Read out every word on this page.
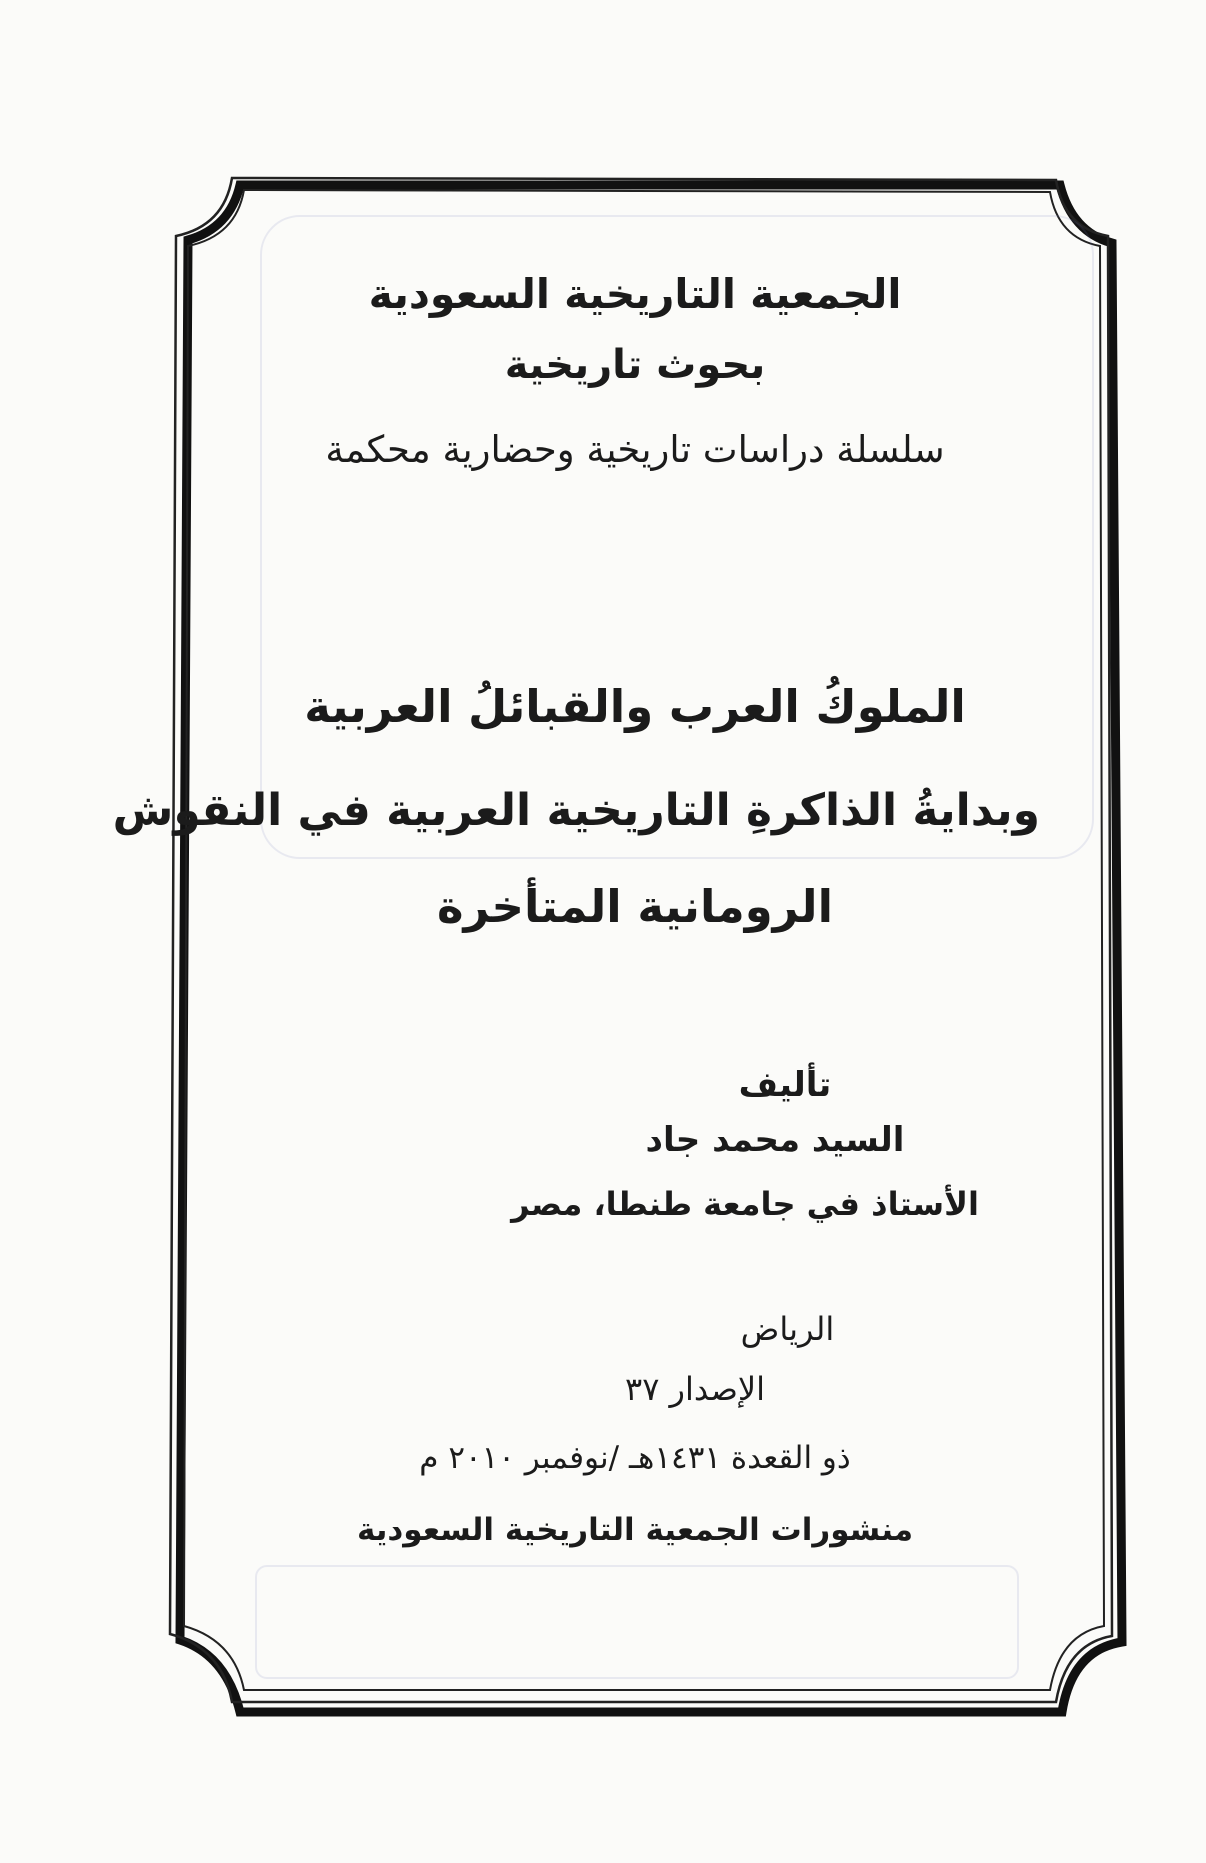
الجمعية التاريخية السعودية

بحوث تاريخية

سلسلة دراسات تاريخية وحضارية محكمة

الملوكُ العرب والقبائلُ العربية

وبدايةُ الذاكرةِ التاريخية العربية في النقوش

الرومانية المتأخرة

تأليف

السيد محمد جاد

الأستاذ في جامعة طنطا، مصر

الرياض

الإصدار ٣٧

ذو القعدة ١٤٣١هـ /نوفمبر ٢٠١٠ م

منشورات الجمعية التاريخية السعودية
